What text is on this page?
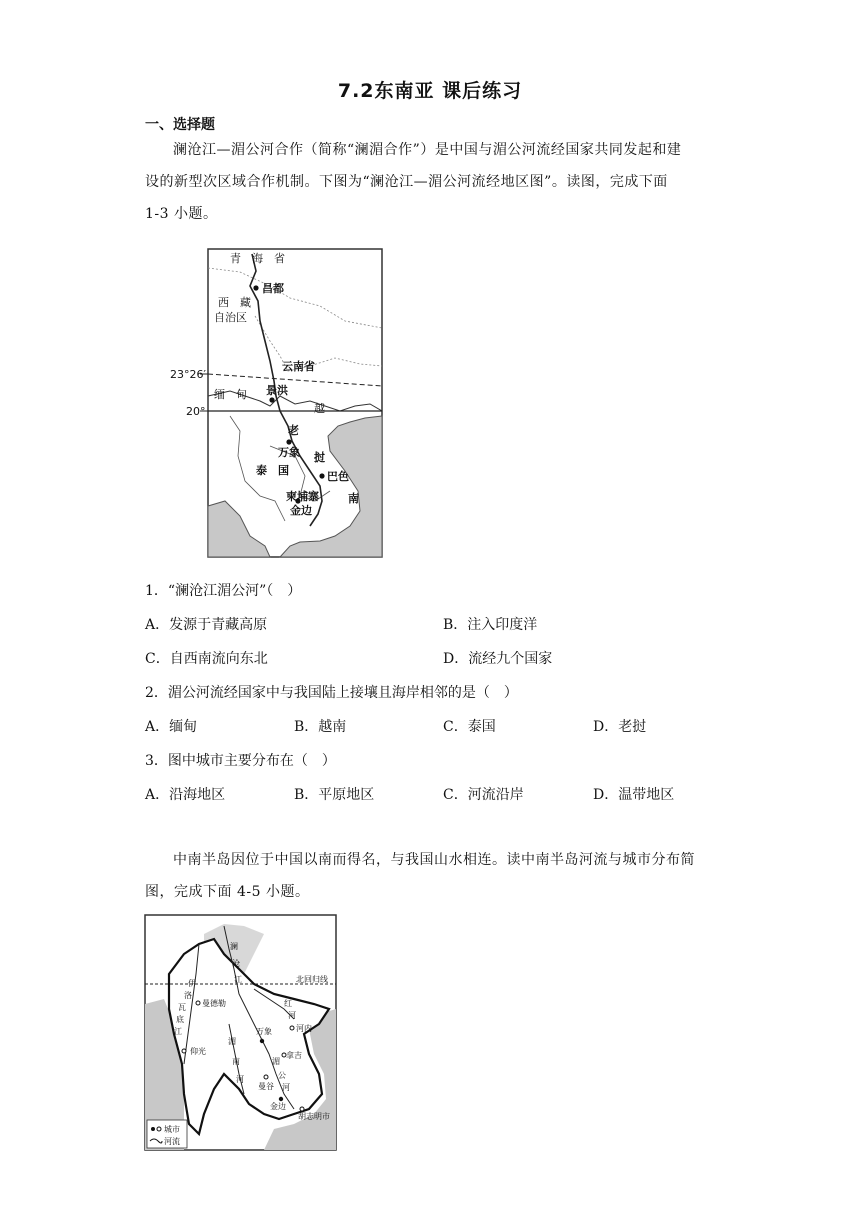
7.2东南亚 课后练习
一、选择题
澜沧江—湄公河合作（简称“澜湄合作”）是中国与湄公河流经国家共同发起和建
设的新型次区域合作机制。下图为“澜沧江—湄公河流经地区图”。读图，完成下面
1-3 小题。
青　海　省
昌都
西　藏
自治区
云南省
23°26′
20°
缅　甸 景洪
越
老
万象 挝
泰　国	巴色
南
柬埔寨
金边
1．“澜沧江湄公河”（　）
A．发源于青藏高原	B．注入印度洋
C．自西南流向东北	D．流经九个国家
2．湄公河流经国家中与我国陆上接壤且海岸相邻的是（　）
A．缅甸	B．越南	C．泰国	D．老挝
3．图中城市主要分布在（　）
A．沿海地区	B．平原地区	C．河流沿岸	D．温带地区
中南半岛因位于中国以南而得名，与我国山水相连。读中南半岛河流与城市分布简
图，完成下面 4-5 小题。
澜
沧
江	北回归线
伊
洛
瓦
底
江
曼德勒
仰光
红
河
河内
万象
湄
南
河
拿吉
湄
公
河
曼谷
金边
胡志明市
城市
河流
